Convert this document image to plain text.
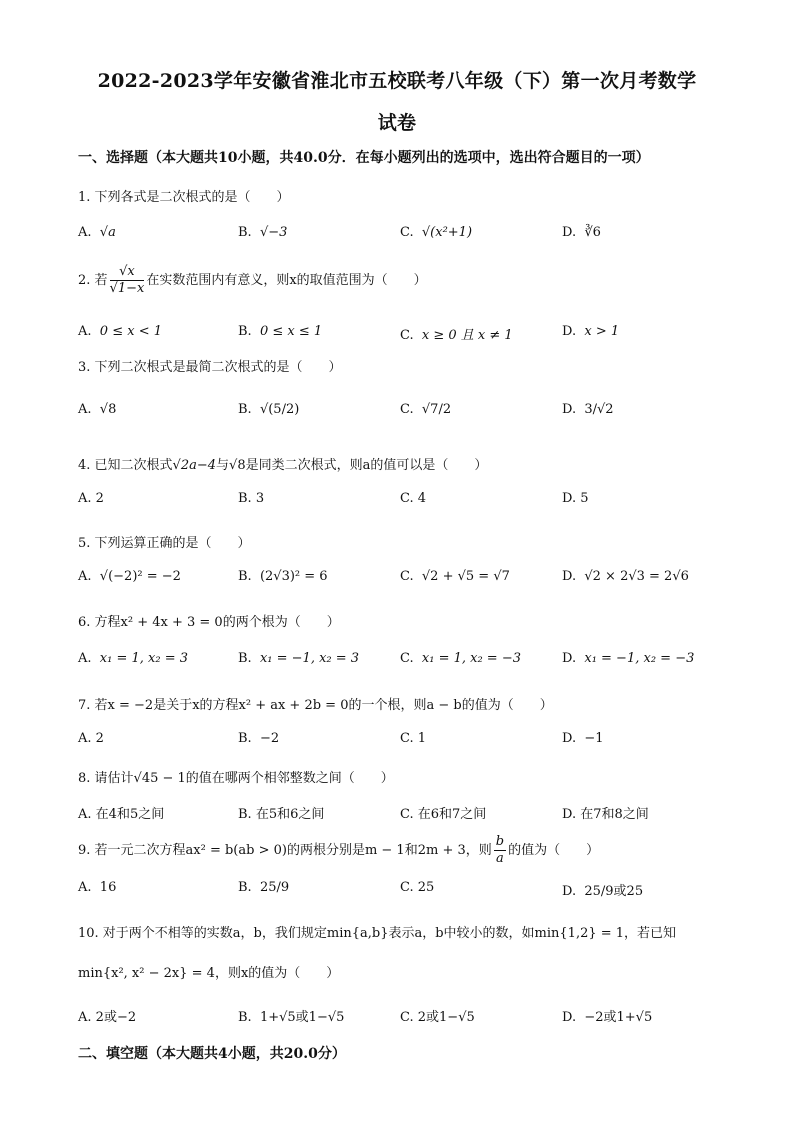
2022-2023学年安徽省淮北市五校联考八年级（下）第一次月考数学
试卷
一、选择题（本大题共10小题，共40.0分．在每小题列出的选项中，选出符合题目的一项）
1. 下列各式是二次根式的是（　　）
A. √a	B. √−3	C. √(x²+1)	D. ∛6
2. 若 $\frac{√x}{√1-x}$ 在实数范围内有意义，则x的取值范围为（　　）
A. 0 ≤ x < 1	B. 0 ≤ x ≤ 1	C. x ≥ 0 且 x ≠ 1	D. x > 1
3. 下列二次根式是最简二次根式的是（　　）
A. √8	B. √(5/2)	C. √7/2	D. 3/√2
4. 已知二次根式√2a−4与√8是同类二次根式，则a的值可以是（　　）
A. 2	B. 3	C. 4	D. 5
5. 下列运算正确的是（　　）
A. √(−2)² = −2	B. (2√3)² = 6	C. √2 + √5 = √7	D. √2 × 2√3 = 2√6
6. 方程x² + 4x + 3 = 0的两个根为（　　）
A. x₁ = 1, x₂ = 3	B. x₁ = −1, x₂ = 3	C. x₁ = 1, x₂ = −3	D. x₁ = −1, x₂ = −3
7. 若x = −2是关于x的方程x² + ax + 2b = 0的一个根，则a − b的值为（　　）
A. 2	B. −2	C. 1	D. −1
8. 请估计√45 − 1的值在哪两个相邻整数之间（　　）
A. 在4和5之间	B. 在5和6之间	C. 在6和7之间	D. 在7和8之间
9. 若一元二次方程ax² = b(ab > 0)的两根分别是m − 1和2m + 3，则 $\frac{b}{a}$ 的值为（　　）
A. 16	B. 25/9	C. 25	D. 25/9或25
10. 对于两个不相等的实数a，b，我们规定min{a,b}表示a，b中较小的数，如min{1,2} = 1，若已知
min{x², x² − 2x} = 4，则x的值为（　　）
A. 2或−2	B. 1+√5或1−√5	C. 2或1−√5	D. −2或1+√5
二、填空题（本大题共4小题，共20.0分）
